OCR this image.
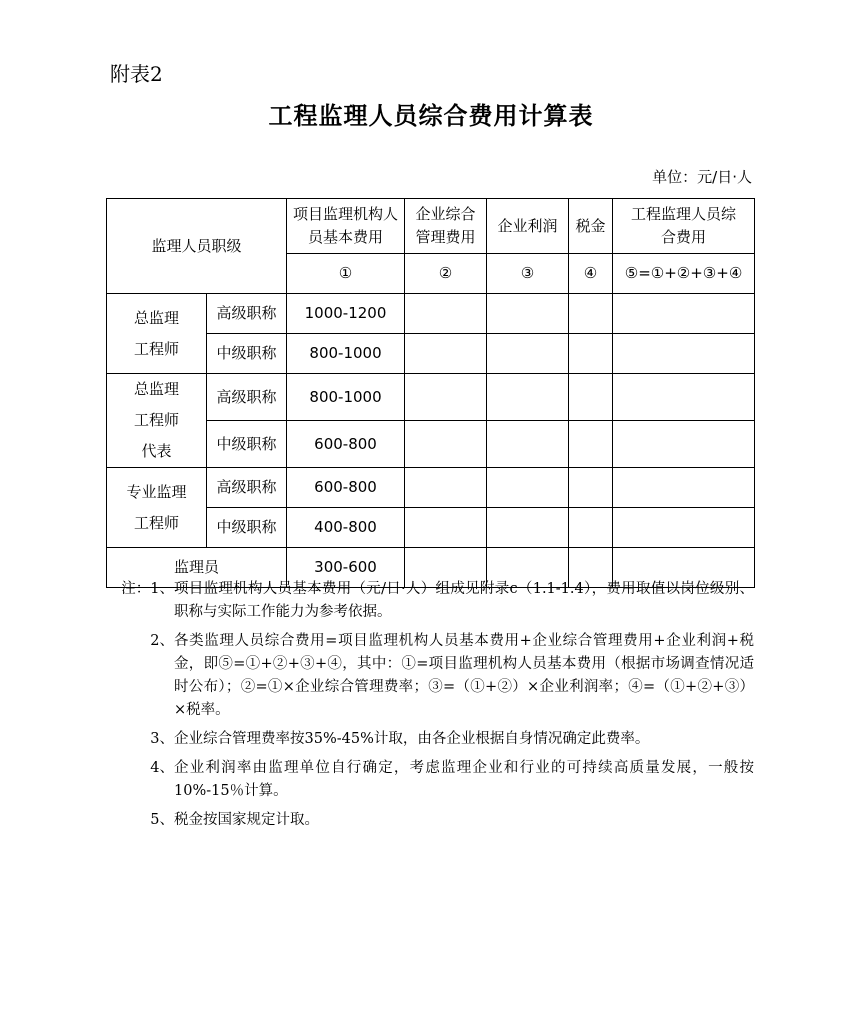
附表2
工程监理人员综合费用计算表
单位：元/日·人
监理人员职级		项目监理机构人员基本费用	企业综合管理费用	企业利润	税金	工程监理人员综合费用

		①	②	③	④	⑤=①+②+③+④

总监理工程师	高级职称	1000-1200				
	中级职称	800-1000				

总监理工程师代表	高级职称	800-1000				
	中级职称	600-800				

专业监理工程师	高级职称	600-800				
	中级职称	400-800				
监理员		300-600				
注：1、 项目监理机构人员基本费用（元/日·人）组成见附录c（1.1-1.4），费用取值以岗位级别、职称与实际工作能力为参考依据。
2、 各类监理人员综合费用=项目监理机构人员基本费用+企业综合管理费用+企业利润+税金，即⑤=①+②+③+④，其中：①=项目监理机构人员基本费用（根据市场调查情况适时公布）；②=①×企业综合管理费率；③=（①+②）×企业利润率；④=（①+②+③）×税率。
3、 企业综合管理费率按35%-45%计取，由各企业根据自身情况确定此费率。
4、 企业利润率由监理单位自行确定，考虑监理企业和行业的可持续高质量发展，一般按10%-15％计算。
5、 税金按国家规定计取。
